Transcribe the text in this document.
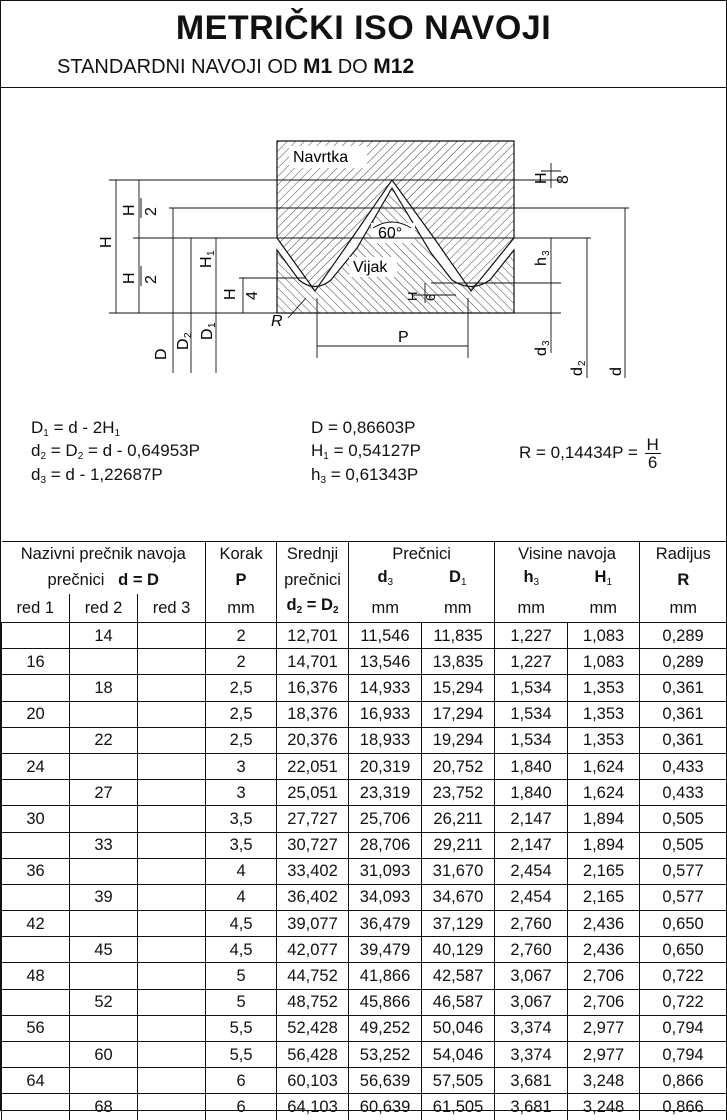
METRIČKI ISO NAVOJI
STANDARDNI NAVOJI OD M1 DO M12
Navrtka
Vijak
60°
P
R
H
H 2
H 2
H
1
H 4
D
D
2 D
1
H 8
h
3
H 6
d
3
d
2
d
$D_1 = d - 2H_1$
$d_2 = D_2 = d - 0,64953P$
$d_3 = d - 1,22687P$
D = 0,86603P
$H_1 = 0,54127P$
$h_3 = 0,61343P$
$R = 0,14434P = \frac{H}{6}$
Nazivni prečnik navoja			Korak	Srednji	Prečnici		Visine navoja		Radijus
prečnici d = D			P	prečnici	$d_3$	$D_1$	$h_3$	$H_1$	R
red 1	red 2	red 3	mm	$d_2 = D_2$	mm	mm	mm	mm	mm
	14		2	12,701	11,546	11,835	1,227	1,083	0,289
16			2	14,701	13,546	13,835	1,227	1,083	0,289
	18		2,5	16,376	14,933	15,294	1,534	1,353	0,361
20			2,5	18,376	16,933	17,294	1,534	1,353	0,361
	22		2,5	20,376	18,933	19,294	1,534	1,353	0,361
24			3	22,051	20,319	20,752	1,840	1,624	0,433
	27		3	25,051	23,319	23,752	1,840	1,624	0,433
30			3,5	27,727	25,706	26,211	2,147	1,894	0,505
	33		3,5	30,727	28,706	29,211	2,147	1,894	0,505
36			4	33,402	31,093	31,670	2,454	2,165	0,577
	39		4	36,402	34,093	34,670	2,454	2,165	0,577
42			4,5	39,077	36,479	37,129	2,760	2,436	0,650
	45		4,5	42,077	39,479	40,129	2,760	2,436	0,650
48			5	44,752	41,866	42,587	3,067	2,706	0,722
	52		5	48,752	45,866	46,587	3,067	2,706	0,722
56			5,5	52,428	49,252	50,046	3,374	2,977	0,794
	60		5,5	56,428	53,252	54,046	3,374	2,977	0,794
64			6	60,103	56,639	57,505	3,681	3,248	0,866
	68		6	64,103	60,639	61,505	3,681	3,248	0,866
